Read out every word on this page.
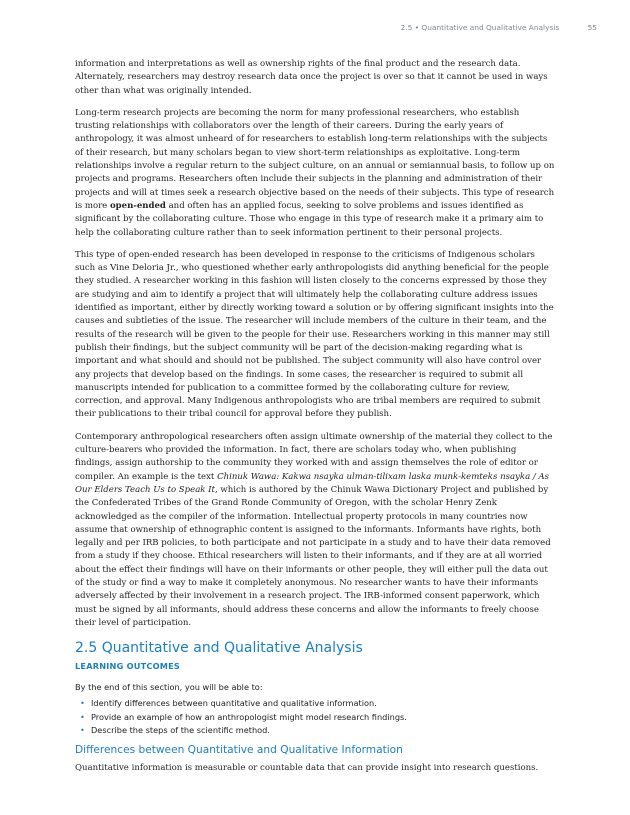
2.5 • Quantitative and Qualitative Analysis	55

information and interpretations as well as ownership rights of the final product and the research data. Alternately, researchers may destroy research data once the project is over so that it cannot be used in ways other than what was originally intended.

Long-term research projects are becoming the norm for many professional researchers, who establish trusting relationships with collaborators over the length of their careers. During the early years of anthropology, it was almost unheard of for researchers to establish long-term relationships with the subjects of their research, but many scholars began to view short-term relationships as exploitative. Long-term relationships involve a regular return to the subject culture, on an annual or semiannual basis, to follow up on projects and programs. Researchers often include their subjects in the planning and administration of their projects and will at times seek a research objective based on the needs of their subjects. This type of research is more open-ended and often has an applied focus, seeking to solve problems and issues identified as significant by the collaborating culture. Those who engage in this type of research make it a primary aim to help the collaborating culture rather than to seek information pertinent to their personal projects.

This type of open-ended research has been developed in response to the criticisms of Indigenous scholars such as Vine Deloria Jr., who questioned whether early anthropologists did anything beneficial for the people they studied. A researcher working in this fashion will listen closely to the concerns expressed by those they are studying and aim to identify a project that will ultimately help the collaborating culture address issues identified as important, either by directly working toward a solution or by offering significant insights into the causes and subtleties of the issue. The researcher will include members of the culture in their team, and the results of the research will be given to the people for their use. Researchers working in this manner may still publish their findings, but the subject community will be part of the decision-making regarding what is important and what should and should not be published. The subject community will also have control over any projects that develop based on the findings. In some cases, the researcher is required to submit all manuscripts intended for publication to a committee formed by the collaborating culture for review, correction, and approval. Many Indigenous anthropologists who are tribal members are required to submit their publications to their tribal council for approval before they publish.

Contemporary anthropological researchers often assign ultimate ownership of the material they collect to the culture-bearers who provided the information. In fact, there are scholars today who, when publishing findings, assign authorship to the community they worked with and assign themselves the role of editor or compiler. An example is the text Chinuk Wawa: Kakwa nsayka ulman-tilixam laska munk-kemteks nsayka / As Our Elders Teach Us to Speak It, which is authored by the Chinuk Wawa Dictionary Project and published by the Confederated Tribes of the Grand Ronde Community of Oregon, with the scholar Henry Zenk acknowledged as the compiler of the information. Intellectual property protocols in many countries now assume that ownership of ethnographic content is assigned to the informants. Informants have rights, both legally and per IRB policies, to both participate and not participate in a study and to have their data removed from a study if they choose. Ethical researchers will listen to their informants, and if they are at all worried about the effect their findings will have on their informants or other people, they will either pull the data out of the study or find a way to make it completely anonymous. No researcher wants to have their informants adversely affected by their involvement in a research project. The IRB-informed consent paperwork, which must be signed by all informants, should address these concerns and allow the informants to freely choose their level of participation.

2.5 Quantitative and Qualitative Analysis
LEARNING OUTCOMES
By the end of this section, you will be able to:
• Identify differences between quantitative and qualitative information.
• Provide an example of how an anthropologist might model research findings.
• Describe the steps of the scientific method.
Differences between Quantitative and Qualitative Information

Quantitative information is measurable or countable data that can provide insight into research questions.
